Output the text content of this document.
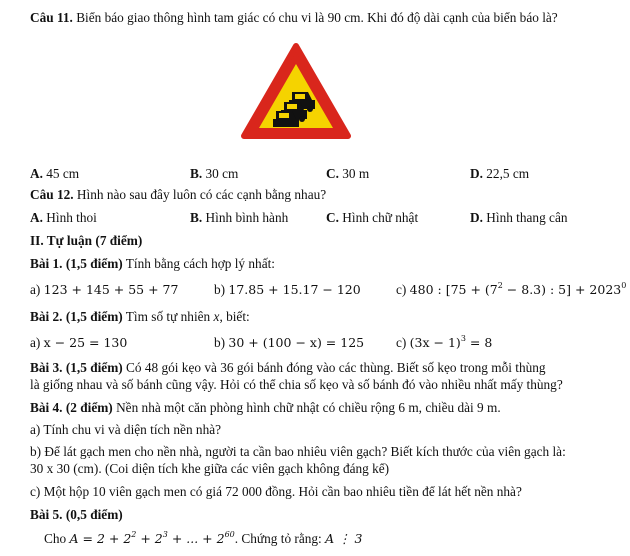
Câu 11. Biển báo giao thông hình tam giác có chu vi là 90 cm. Khi đó độ dài cạnh của biển báo là?
A. 45 cm	B. 30 cm	C. 30 m	D. 22,5 cm
Câu 12. Hình nào sau đây luôn có các cạnh bằng nhau?
A. Hình thoi	B. Hình bình hành	C. Hình chữ nhật	D. Hình thang cân
II. Tự luận (7 điểm)
Bài 1. (1,5 điểm) Tính bằng cách hợp lý nhất:
a) 123 + 145 + 55 + 77	b) 17.85 + 15.17 − 120	c) 480 : [$75 + (7^2 - 8.3)$ : $5] + 2023^0$
Bài 2. (1,5 điểm) Tìm số tự nhiên x, biết:
a) x − 25 = 130	b) 30 + (100 − x) = 125 c) $(3x - 1)^3 = 8$
Bài 3. (1,5 điểm) Có 48 gói kẹo và 36 gói bánh đóng vào các thùng. Biết số kẹo trong mỗi thùng
là giống nhau và số bánh cũng vậy. Hỏi có thể chia số kẹo và số bánh đó vào nhiều nhất mấy thùng?
Bài 4. (2 điểm) Nền nhà một căn phòng hình chữ nhật có chiều rộng 6 m, chiều dài 9 m.
a) Tính chu vi và diện tích nền nhà?
b) Để lát gạch men cho nền nhà, người ta cần bao nhiêu viên gạch? Biết kích thước của viên gạch là:
30 x 30 (cm). (Coi diện tích khe giữa các viên gạch không đáng kể)
c) Một hộp 10 viên gạch men có giá 72 000 đồng. Hỏi cần bao nhiêu tiền để lát hết nền nhà?
Bài 5. (0,5 điểm)
Cho $A = 2 + 2^2 + 2^3$ + ... + $2^{60}$. Chứng tỏ rằng: A ⋮ 3
